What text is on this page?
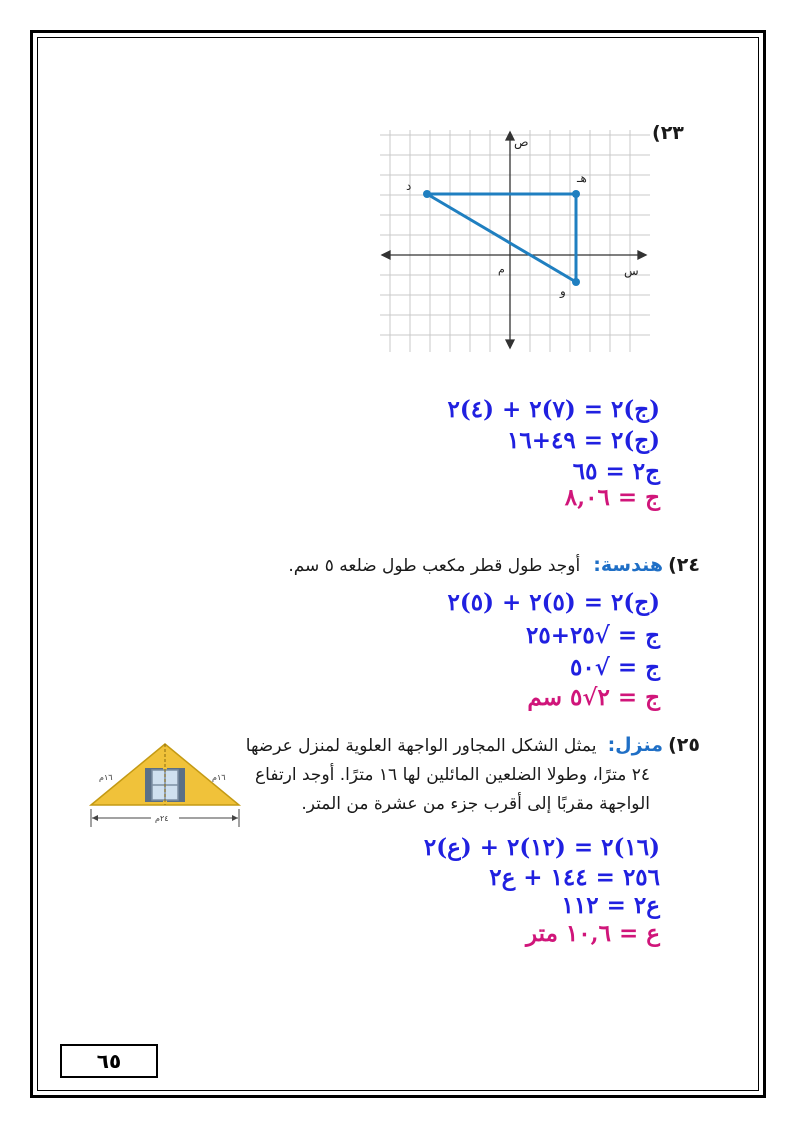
(٢٣
ص
س
م
د
هـ
و
(ج)٢ = (٧)٢ + (٤)٢
(ج)٢ = ٤٩+١٦
ج٢ = ٦٥
ج = ٨,٠٦
٢٤) هندسة: أوجد طول قطر مكعب طول ضلعه ٥ سم.
(ج)٢ = (٥)٢ + (٥)٢
ج = √٢٥+٢٥
ج = √٥٠
ج = ٢√٥ سم
٢٥) منزل: يمثل الشكل المجاور الواجهة العلوية لمنزل عرضها
٢٤ مترًا، وطولا الضلعين المائلين لها ١٦ مترًا. أوجد ارتفاع
الواجهة مقربًا إلى أقرب جزء من عشرة من المتر.
١٦م	١٦م
٢٤م
(١٦)٢ = (١٢)٢ + (ع)٢
٢٥٦ = ١٤٤ + ع٢
ع٢ = ١١٢
ع = ١٠,٦ متر
٦٥
